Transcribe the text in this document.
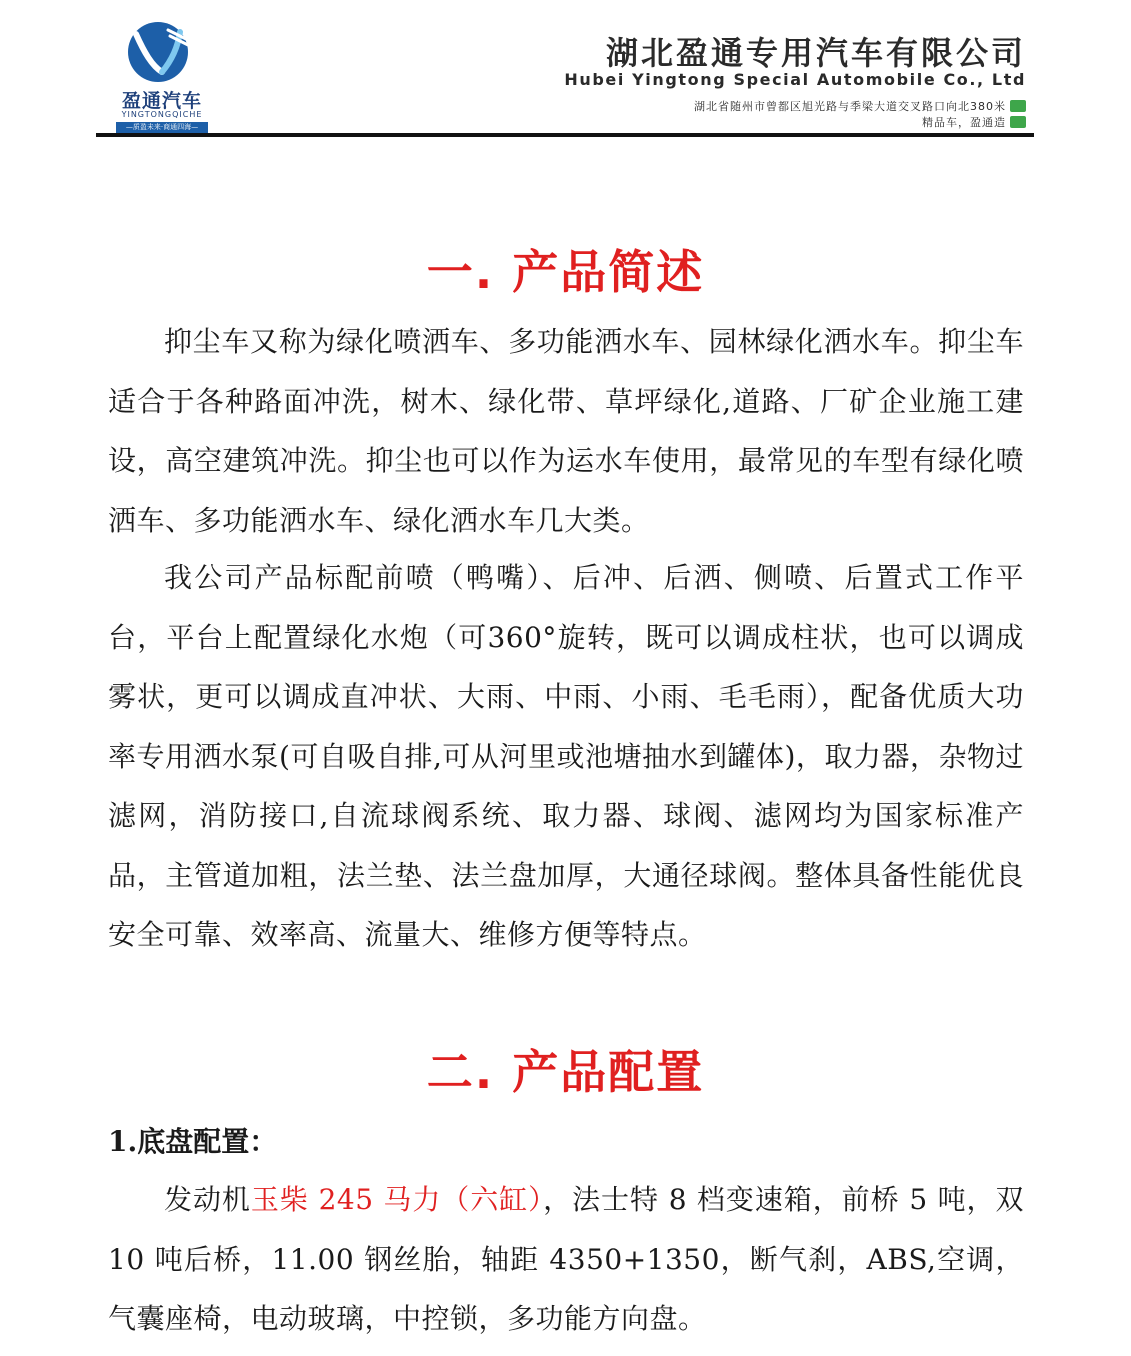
盈通汽车
YINGTONGQICHE
—质盈未来·商通四海—
湖北盈通专用汽车有限公司
Hubei Yingtong Special Automobile Co., Ltd
湖北省随州市曾都区旭光路与季梁大道交叉路口向北380米
精品车，盈通造
一. 产品简述

抑尘车又称为绿化喷洒车、多功能洒水车、园林绿化洒水车。抑尘车适合于各种路面冲洗，树木、绿化带、草坪绿化,道路、厂矿企业施工建设，高空建筑冲洗。抑尘也可以作为运水车使用，最常见的车型有绿化喷洒车、多功能洒水车、绿化洒水车几大类。

我公司产品标配前喷（鸭嘴）、后冲、后洒、侧喷、后置式工作平台，平台上配置绿化水炮（可360°旋转，既可以调成柱状，也可以调成雾状，更可以调成直冲状、大雨、中雨、小雨、毛毛雨），配备优质大功率专用洒水泵(可自吸自排,可从河里或池塘抽水到罐体)，取力器，杂物过滤网，消防接口,自流球阀系统、取力器、球阀、滤网均为国家标准产品，主管道加粗，法兰垫、法兰盘加厚，大通径球阀。整体具备性能优良安全可靠、效率高、流量大、维修方便等特点。

二. 产品配置
1.底盘配置：

发动机玉柴 245 马力（六缸），法士特 8 档变速箱，前桥 5 吨，双 10 吨后桥，11.00 钢丝胎，轴距 4350+1350，断气刹，ABS,空调，气囊座椅，电动玻璃，中控锁，多功能方向盘。
